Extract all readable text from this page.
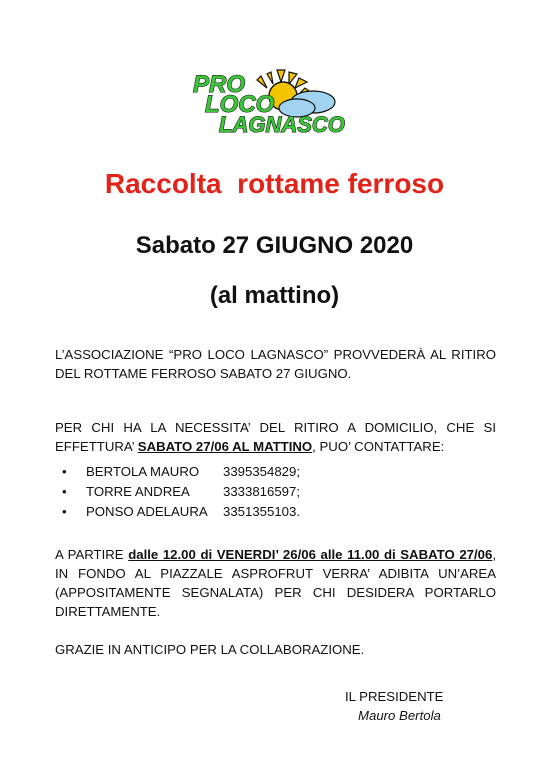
PRO
LOCO
LAGNASCO
Raccolta  rottame ferroso
Sabato 27 GIUGNO 2020
(al mattino)
L’ASSOCIAZIONE “PRO LOCO LAGNASCO” PROVVEDERÀ AL RITIRO DEL ROTTAME FERROSO SABATO 27 GIUGNO.
PER CHI HA LA NECESSITA’ DEL RITIRO A DOMICILIO, CHE SI EFFETTURA’ SABATO 27/06 AL MATTINO, PUO’ CONTATTARE:
•	BERTOLA MAURO	3395354829;
•	TORRE ANDREA	3333816597;
•	PONSO ADELAURA	3351355103.
A PARTIRE dalle 12.00 di VENERDI’ 26/06 alle 11.00 di SABATO 27/06, IN FONDO AL PIAZZALE ASPROFRUT VERRA’ ADIBITA UN’AREA (APPOSITAMENTE SEGNALATA) PER CHI DESIDERA PORTARLO DIRETTAMENTE.
GRAZIE IN ANTICIPO PER LA COLLABORAZIONE.
IL PRESIDENTE
Mauro Bertola
